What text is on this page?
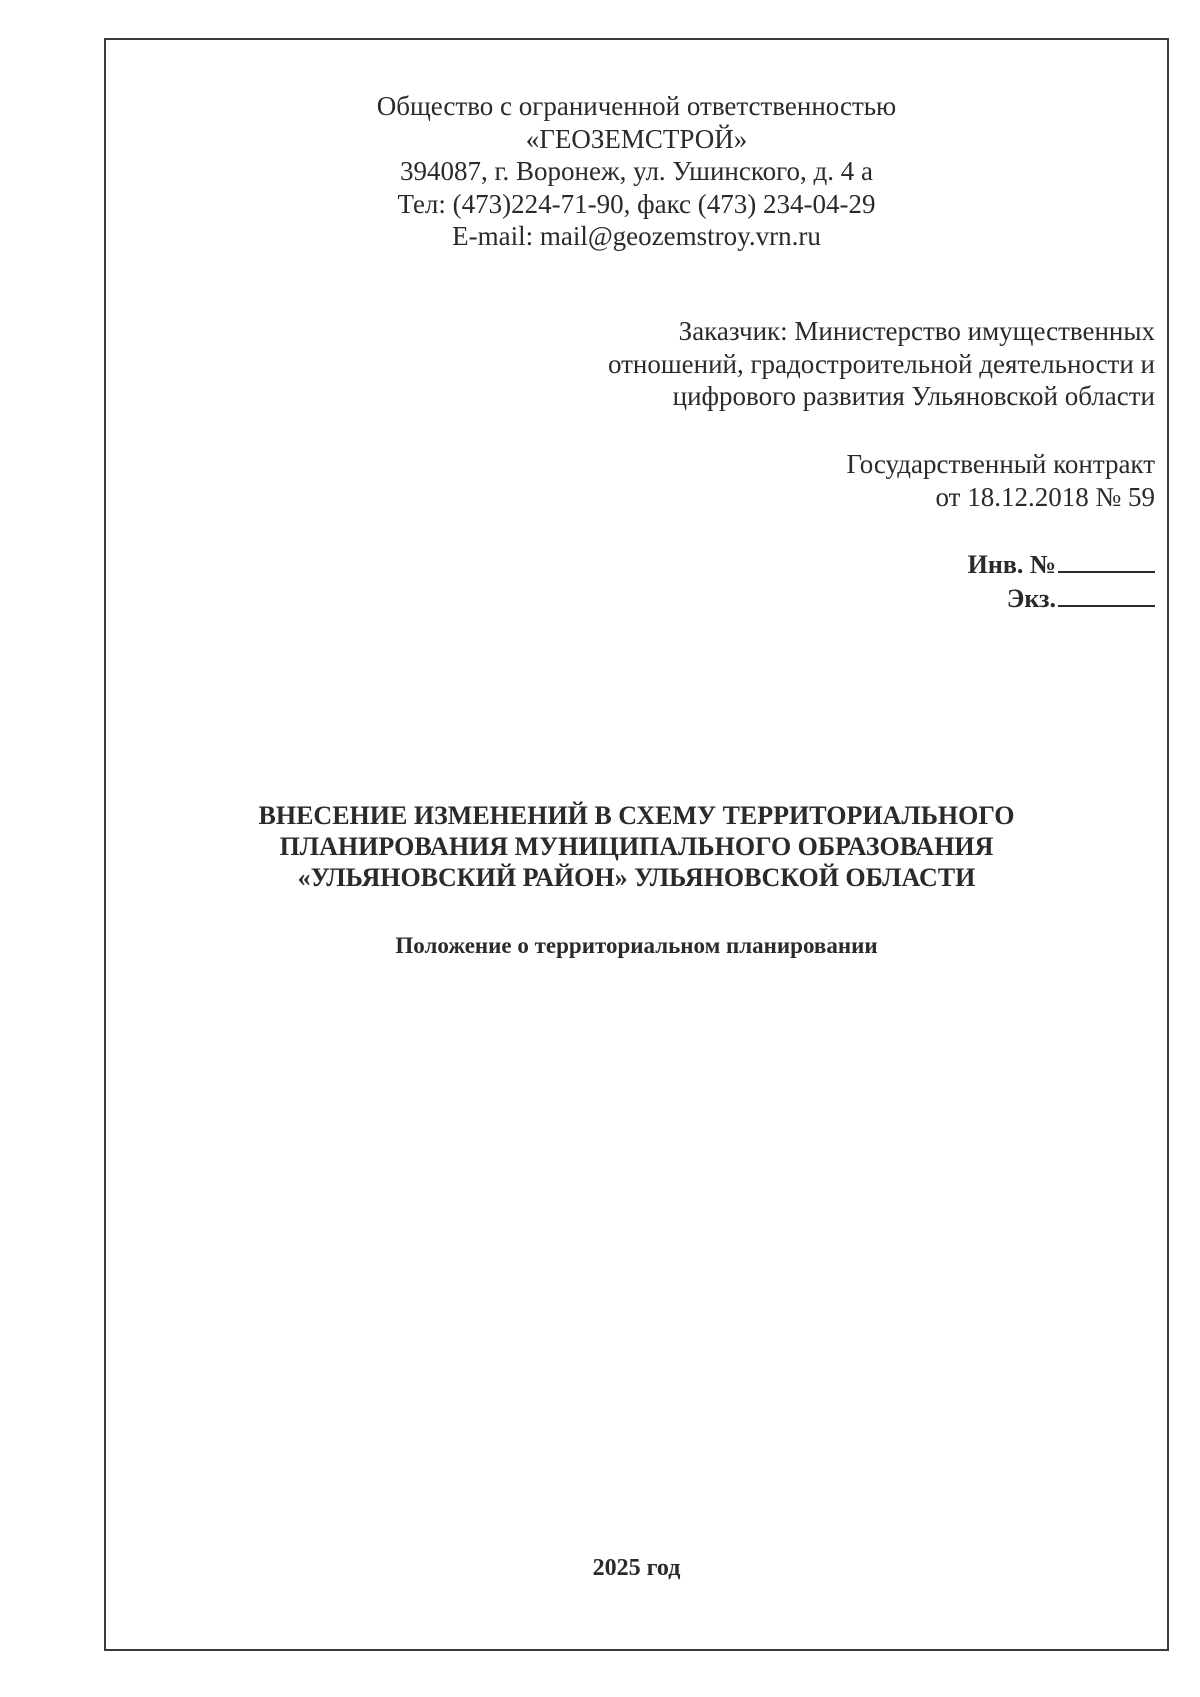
Общество с ограниченной ответственностью
«ГЕОЗЕМСТРОЙ»
394087, г. Воронеж, ул. Ушинского, д. 4 а
Тел: (473)224-71-90, факс (473) 234-04-29
E-mail: mail@geozemstroy.vrn.ru
Заказчик: Министерство имущественных
отношений, градостроительной деятельности и
цифрового развития Ульяновской области
Государственный контракт
от 18.12.2018 № 59
Инв. №
Экз.
ВНЕСЕНИЕ ИЗМЕНЕНИЙ В СХЕМУ ТЕРРИТОРИАЛЬНОГО
ПЛАНИРОВАНИЯ МУНИЦИПАЛЬНОГО ОБРАЗОВАНИЯ
«УЛЬЯНОВСКИЙ РАЙОН» УЛЬЯНОВСКОЙ ОБЛАСТИ
Положение о территориальном планировании
2025 год
